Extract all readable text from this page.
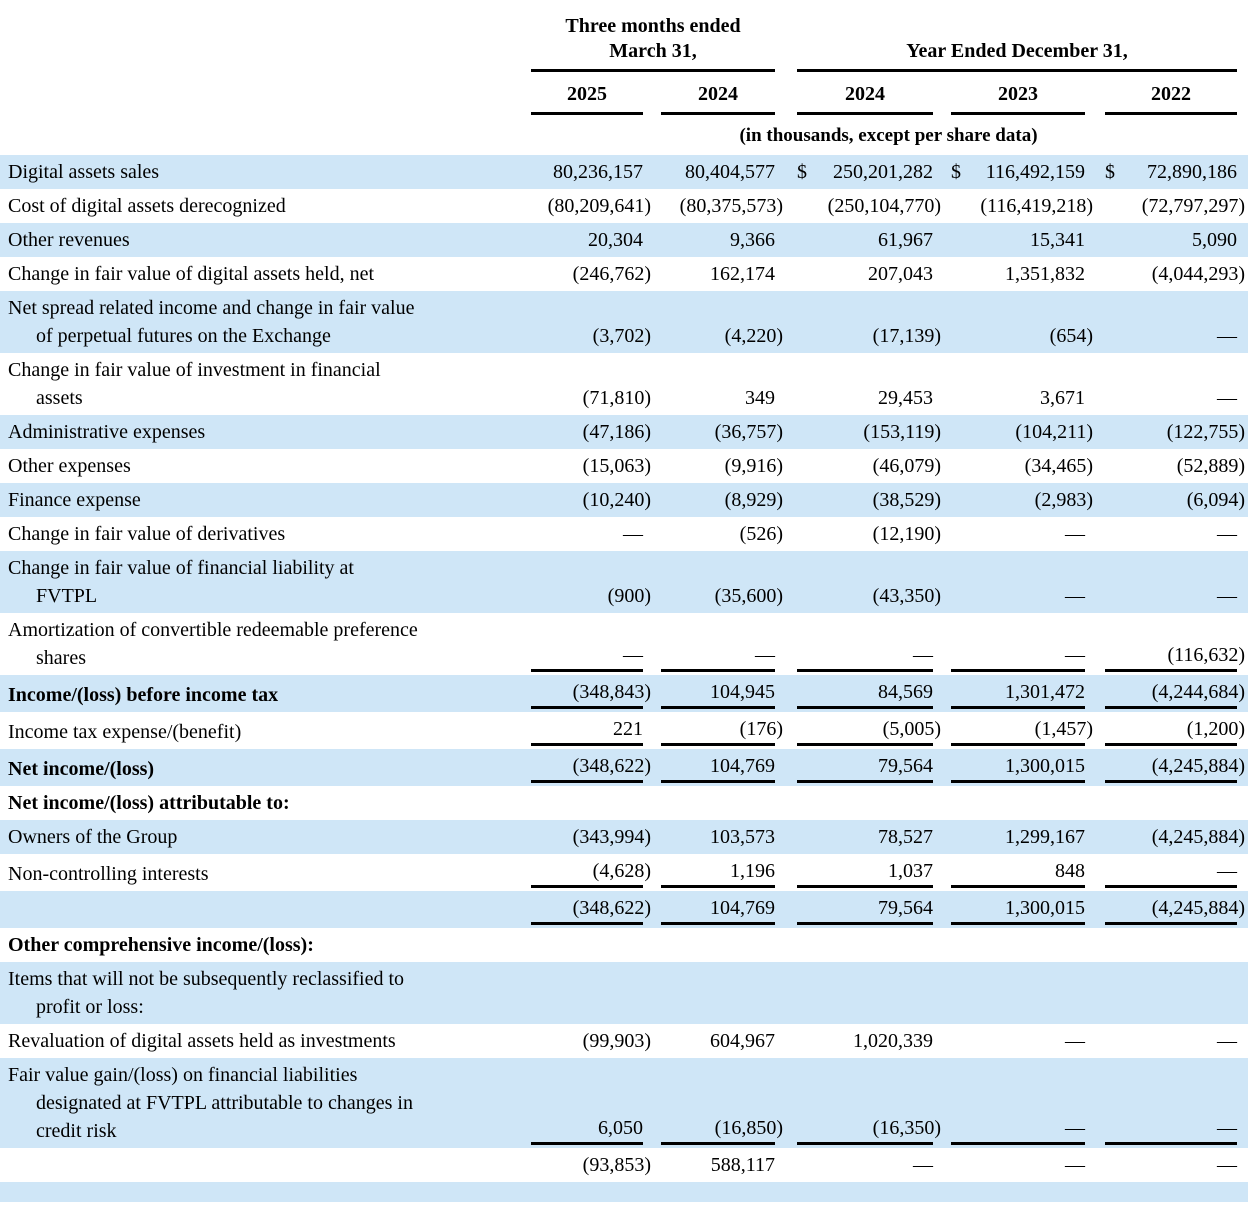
	Three months ended
March 31,		Year Ended December 31,		

	2025	2024	2024	2023	2022

	(in thousands, except per share data)				

Digital assets sales	80,236,157	80,404,577	$ 250,201,282	$ 116,492,159	$ 72,890,186

Cost of digital assets derecognized	(80,209,641)	(80,375,573)	(250,104,770)	(116,419,218)	(72,797,297)

Other revenues	20,304	9,366	61,967	15,341	5,090

Change in fair value of digital assets held, net	(246,762)	162,174	207,043	1,351,832	(4,044,293)

Net spread related income and change in fair value
of perpetual futures on the Exchange	(3,702)	(4,220)	(17,139)	(654)	—

Change in fair value of investment in financial
assets	(71,810)	349	29,453	3,671	—

Administrative expenses	(47,186)	(36,757)	(153,119)	(104,211)	(122,755)

Other expenses	(15,063)	(9,916)	(46,079)	(34,465)	(52,889)

Finance expense	(10,240)	(8,929)	(38,529)	(2,983)	(6,094)

Change in fair value of derivatives	—	(526)	(12,190)	—	—

Change in fair value of financial liability at
FVTPL	(900)	(35,600)	(43,350)	—	—

Amortization of convertible redeemable preference
shares	—	—	—	—	(116,632)

Income/(loss) before income tax	(348,843)	104,945	84,569	1,301,472	(4,244,684)

Income tax expense/(benefit)	221	(176)	(5,005)	(1,457)	(1,200)

Net income/(loss)	(348,622)	104,769	79,564	1,300,015	(4,245,884)

Net income/(loss) attributable to:					

Owners of the Group	(343,994)	103,573	78,527	1,299,167	(4,245,884)

Non-controlling interests	(4,628)	1,196	1,037	848	—

	(348,622)	104,769	79,564	1,300,015	(4,245,884)

Other comprehensive income/(loss):					

Items that will not be subsequently reclassified to
profit or loss:					

Revaluation of digital assets held as investments	(99,903)	604,967	1,020,339	—	—

Fair value gain/(loss) on financial liabilities
designated at FVTPL attributable to changes in
credit risk	6,050	(16,850)	(16,350)	—	—

	(93,853)	588,117	—	—	—
